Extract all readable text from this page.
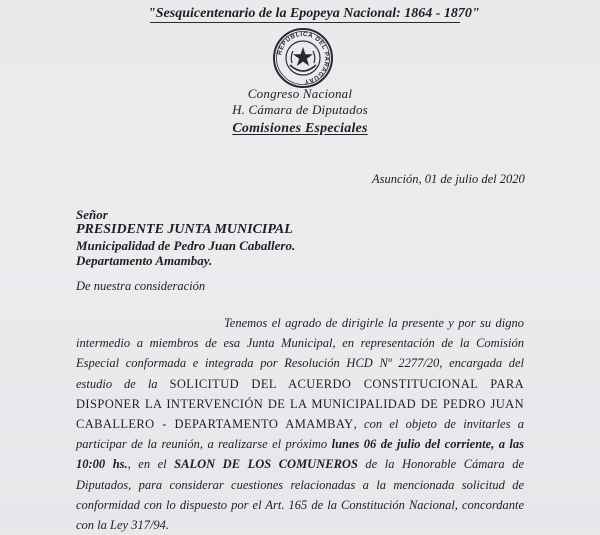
"Sesquicentenario de la Epopeya Nacional: 1864 - 1870"
REPÚBLICA DEL PARAGUAY
Congreso Nacional
H. Cámara de Diputados
Comisiones Especiales
Asunción, 01 de julio del 2020
Señor
PRESIDENTE JUNTA MUNICIPAL
Municipalidad de Pedro Juan Caballero.
Departamento Amambay.
De nuestra consideración
Tenemos el agrado de dirigirle la presente y por su digno intermedio a miembros de esa Junta Municipal, en representación de la Comisión Especial conformada e integrada por Resolución HCD Nº 2277/20, encargada del estudio de la SOLICITUD DEL ACUERDO CONSTITUCIONAL PARA DISPONER LA INTERVENCIÓN DE LA MUNICIPALIDAD DE PEDRO JUAN CABALLERO - DEPARTAMENTO AMAMBAY, con el objeto de invitarles a participar de la reunión, a realizarse el próximo lunes 06 de julio del corriente, a las 10:00 hs., en el SALON DE LOS COMUNEROS de la Honorable Cámara de Diputados, para considerar cuestiones relacionadas a la mencionada solicitud de conformidad con lo dispuesto por el Art. 165 de la Constitución Nacional, concordante con la Ley 317/94.
